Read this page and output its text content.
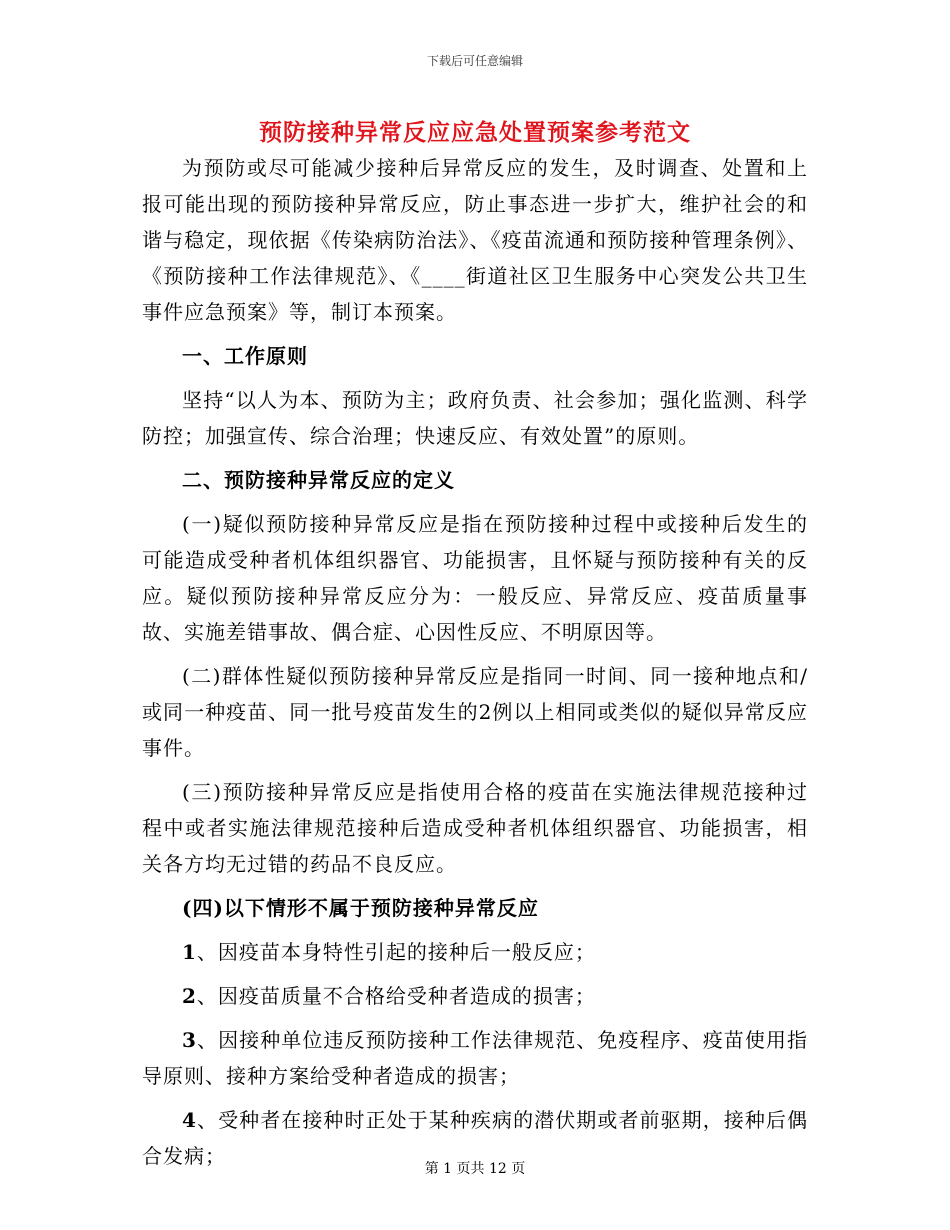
下载后可任意编辑
预防接种异常反应应急处置预案参考范文

为预防或尽可能减少接种后异常反应的发生，及时调查、处置和上报可能出现的预防接种异常反应，防止事态进一步扩大，维护社会的和谐与稳定，现依据《传染病防治法》、《疫苗流通和预防接种管理条例》、《预防接种工作法律规范》、《____街道社区卫生服务中心突发公共卫生事件应急预案》等，制订本预案。

一、工作原则

坚持“以人为本、预防为主；政府负责、社会参加；强化监测、科学防控；加强宣传、综合治理；快速反应、有效处置”的原则。

二、预防接种异常反应的定义

(一)疑似预防接种异常反应是指在预防接种过程中或接种后发生的可能造成受种者机体组织器官、功能损害，且怀疑与预防接种有关的反应。疑似预防接种异常反应分为：一般反应、异常反应、疫苗质量事故、实施差错事故、偶合症、心因性反应、不明原因等。

(二)群体性疑似预防接种异常反应是指同一时间、同一接种地点和/或同一种疫苗、同一批号疫苗发生的2例以上相同或类似的疑似异常反应事件。

(三)预防接种异常反应是指使用合格的疫苗在实施法律规范接种过程中或者实施法律规范接种后造成受种者机体组织器官、功能损害，相关各方均无过错的药品不良反应。

(四)以下情形不属于预防接种异常反应

1、因疫苗本身特性引起的接种后一般反应；

2、因疫苗质量不合格给受种者造成的损害；

3、因接种单位违反预防接种工作法律规范、免疫程序、疫苗使用指导原则、接种方案给受种者造成的损害；

4、受种者在接种时正处于某种疾病的潜伏期或者前驱期，接种后偶合发病；

第 1 页共 12 页
